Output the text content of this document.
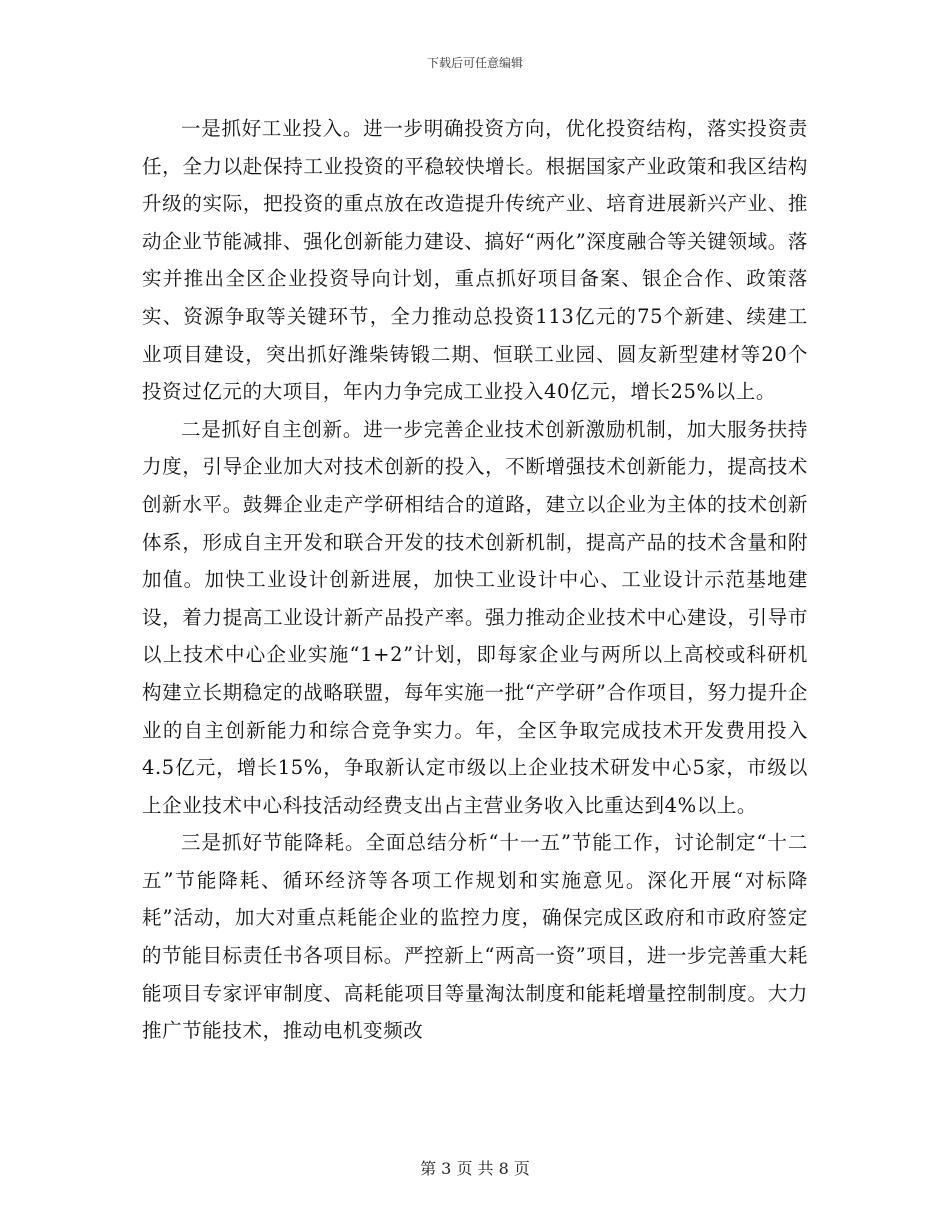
下载后可任意编辑

一是抓好工业投入。进一步明确投资方向，优化投资结构，落实投资责任，全力以赴保持工业投资的平稳较快增长。根据国家产业政策和我区结构升级的实际，把投资的重点放在改造提升传统产业、培育进展新兴产业、推动企业节能减排、强化创新能力建设、搞好“两化”深度融合等关键领域。落实并推出全区企业投资导向计划，重点抓好项目备案、银企合作、政策落实、资源争取等关键环节，全力推动总投资113亿元的75个新建、续建工业项目建设，突出抓好潍柴铸锻二期、恒联工业园、圆友新型建材等20个投资过亿元的大项目，年内力争完成工业投入40亿元，增长25%以上。

二是抓好自主创新。进一步完善企业技术创新激励机制，加大服务扶持力度，引导企业加大对技术创新的投入，不断增强技术创新能力，提高技术创新水平。鼓舞企业走产学研相结合的道路，建立以企业为主体的技术创新体系，形成自主开发和联合开发的技术创新机制，提高产品的技术含量和附加值。加快工业设计创新进展，加快工业设计中心、工业设计示范基地建设，着力提高工业设计新产品投产率。强力推动企业技术中心建设，引导市以上技术中心企业实施“1+2”计划，即每家企业与两所以上高校或科研机构建立长期稳定的战略联盟，每年实施一批“产学研”合作项目，努力提升企业的自主创新能力和综合竞争实力。年，全区争取完成技术开发费用投入4.5亿元，增长15%，争取新认定市级以上企业技术研发中心5家，市级以上企业技术中心科技活动经费支出占主营业务收入比重达到4%以上。

三是抓好节能降耗。全面总结分析“十一五”节能工作，讨论制定“十二五”节能降耗、循环经济等各项工作规划和实施意见。深化开展“对标降耗”活动，加大对重点耗能企业的监控力度，确保完成区政府和市政府签定的节能目标责任书各项目标。严控新上“两高一资”项目，进一步完善重大耗能项目专家评审制度、高耗能项目等量淘汰制度和能耗增量控制制度。大力推广节能技术，推动电机变频改

第 3 页 共 8 页
